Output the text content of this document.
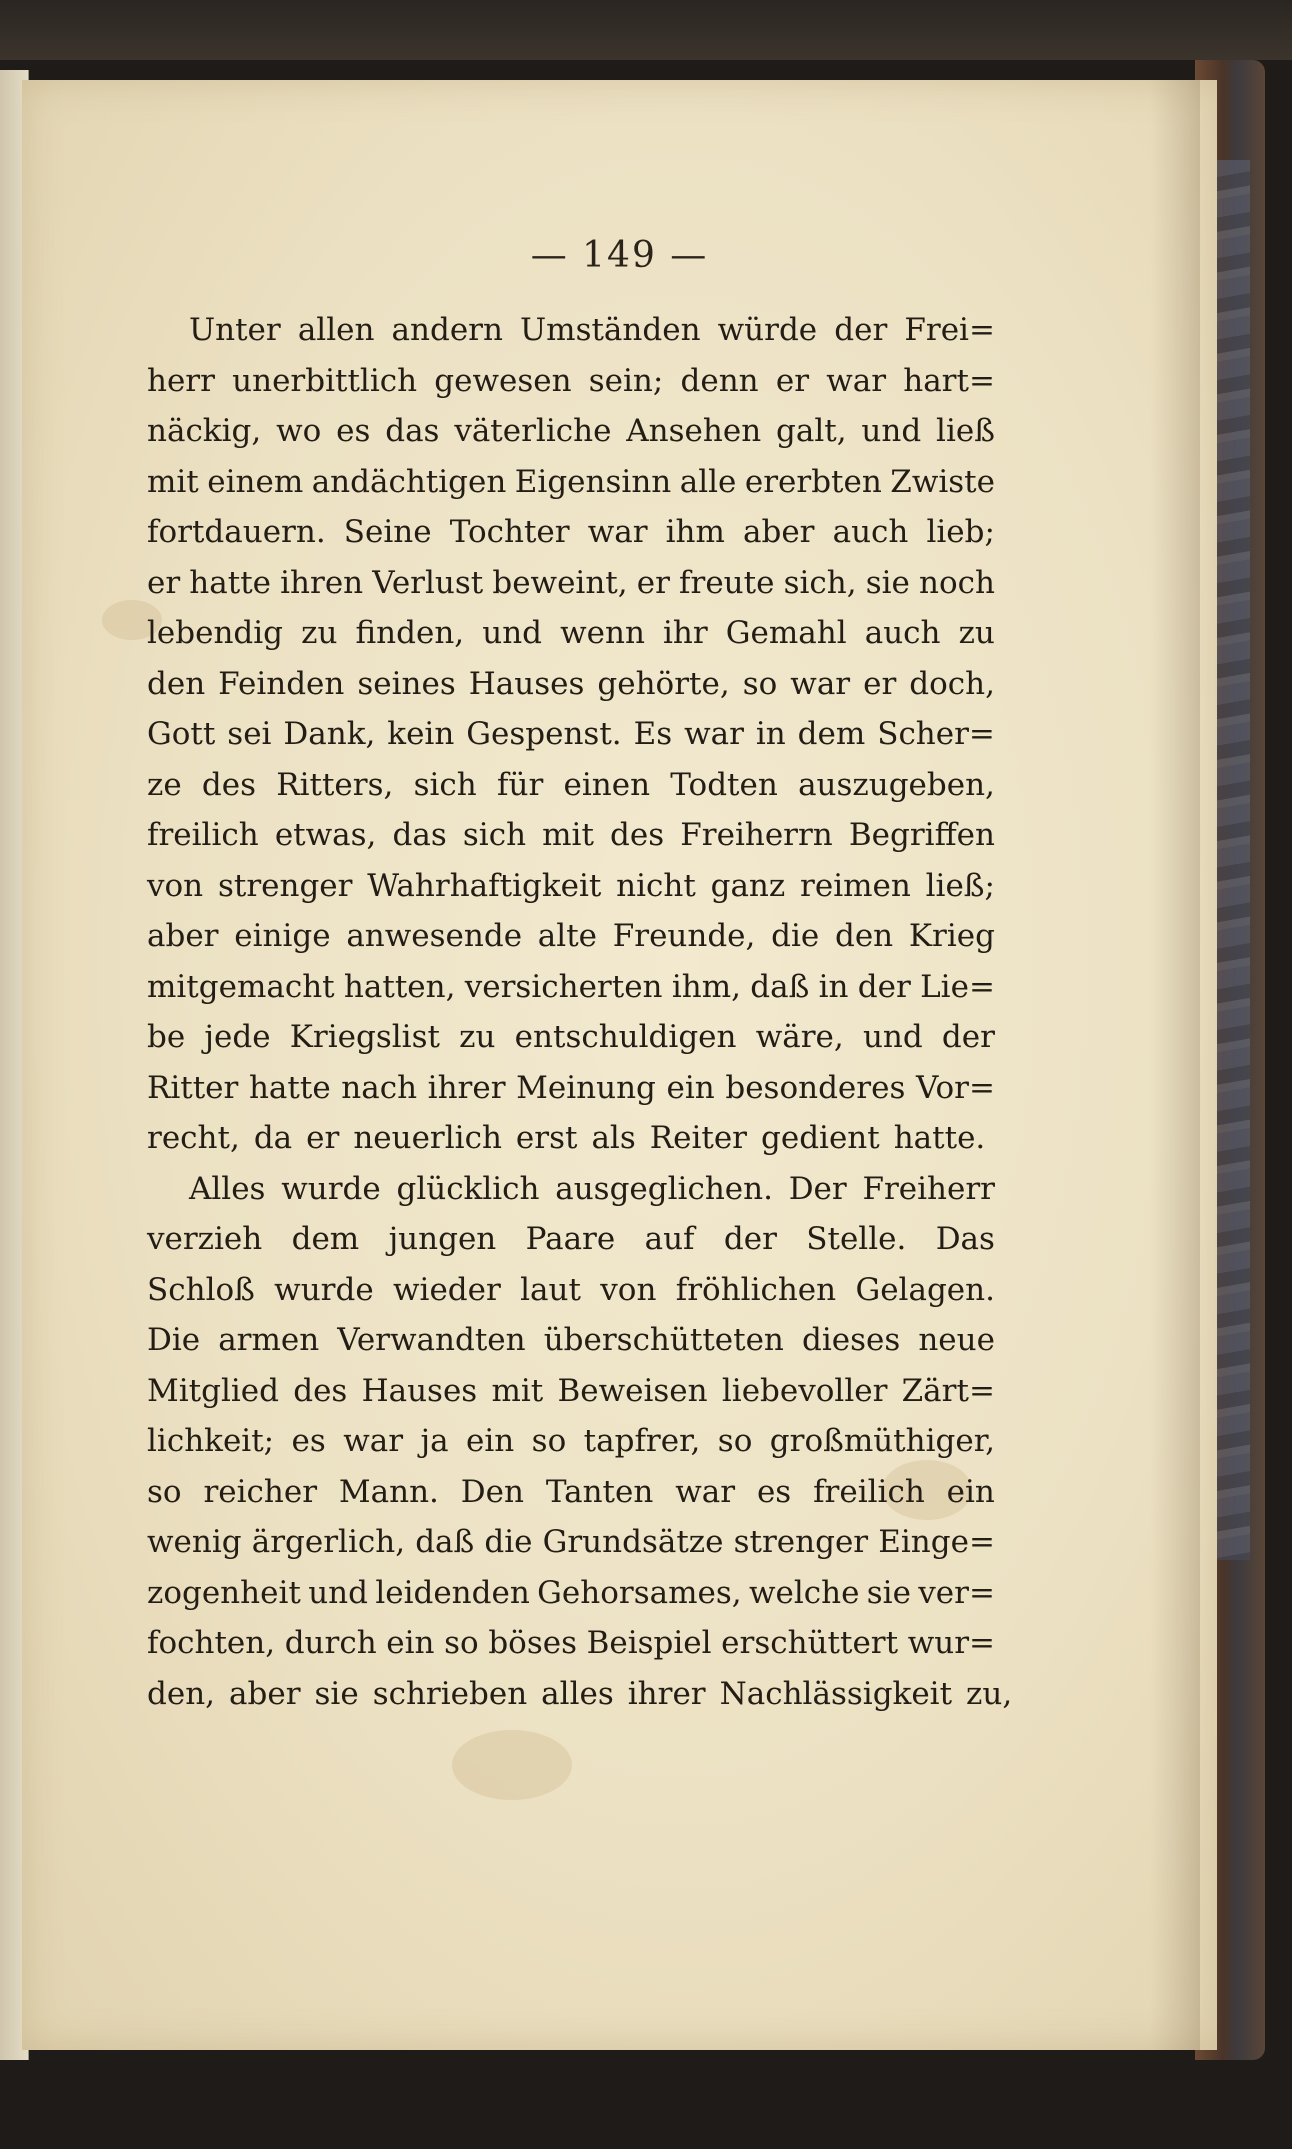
— 149 —
Unter allen andern Umständen würde der Frei=
herr unerbittlich gewesen sein; denn er war hart=
näckig, wo es das väterliche Ansehen galt, und ließ
mit einem andächtigen Eigensinn alle ererbten Zwiste
fortdauern. Seine Tochter war ihm aber auch lieb;
er hatte ihren Verlust beweint, er freute sich, sie noch
lebendig zu finden, und wenn ihr Gemahl auch zu
den Feinden seines Hauses gehörte, so war er doch,
Gott sei Dank, kein Gespenst. Es war in dem Scher=
ze des Ritters, sich für einen Todten auszugeben,
freilich etwas, das sich mit des Freiherrn Begriffen
von strenger Wahrhaftigkeit nicht ganz reimen ließ;
aber einige anwesende alte Freunde, die den Krieg
mitgemacht hatten, versicherten ihm, daß in der Lie=
be jede Kriegslist zu entschuldigen wäre, und der
Ritter hatte nach ihrer Meinung ein besonderes Vor=
recht, da er neuerlich erst als Reiter gedient hatte.
Alles wurde glücklich ausgeglichen. Der Freiherr
verzieh dem jungen Paare auf der Stelle. Das
Schloß wurde wieder laut von fröhlichen Gelagen.
Die armen Verwandten überschütteten dieses neue
Mitglied des Hauses mit Beweisen liebevoller Zärt=
lichkeit; es war ja ein so tapfrer, so großmüthiger,
so reicher Mann. Den Tanten war es freilich ein
wenig ärgerlich, daß die Grundsätze strenger Einge=
zogenheit und leidenden Gehorsames, welche sie ver=
fochten, durch ein so böses Beispiel erschüttert wur=
den, aber sie schrieben alles ihrer Nachlässigkeit zu,
